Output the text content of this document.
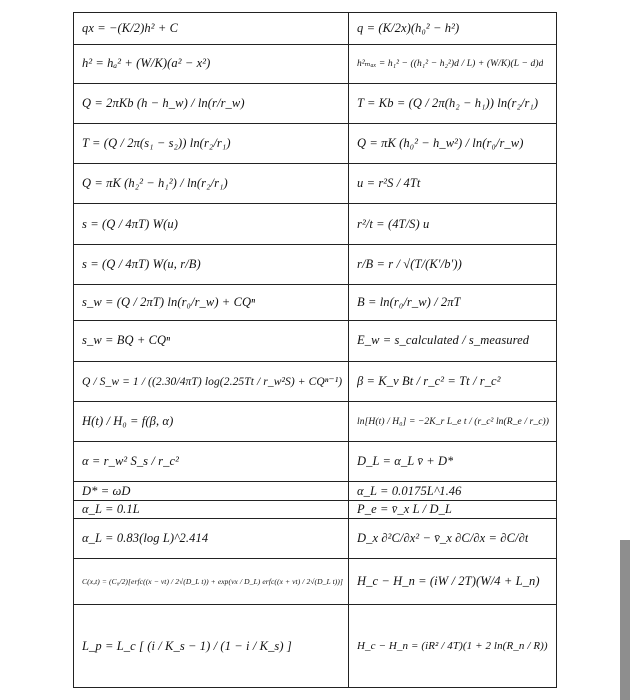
qx = −(K/2)h² + C	q = (K/2x)(h₀² − h²)

h² = hₐ² + (W/K)(a² − x²)	h²ₘₐₓ = h₁² − ((h₁² − h₂²)d / L) + (W/K)(L − d)d

Q = 2πKb (h − h_w) / ln(r/r_w)	T = Kb = (Q / 2π(h₂ − h₁)) ln(r₂/r₁)

T = (Q / 2π(s₁ − s₂)) ln(r₂/r₁)	Q = πK (h₀² − h_w²) / ln(r₀/r_w)

Q = πK (h₂² − h₁²) / ln(r₂/r₁)	u = r²S / 4Tt

s = (Q / 4πT) W(u)	r²/t = (4T/S) u

s = (Q / 4πT) W(u, r/B)	r/B = r / √(T/(K′/b′))

s_w = (Q / 2πT) ln(r₀/r_w) + CQⁿ	B = ln(r₀/r_w) / 2πT

s_w = BQ + CQⁿ	E_w = s_calculated / s_measured

Q / S_w = 1 / ((2.30/4πT) log(2.25Tt / r_w²S) + CQⁿ⁻¹)	β = K_v Bt / r_c² = Tt / r_c²

H(t) / H₀ = f(β, α)	ln[H(t) / H₀] = −2K_r L_e t / (r_c² ln(R_e / r_c))

α = r_w² S_s / r_c²	D_L = α_L v̄ + D*

D* = ωD	α_L = 0.0175L^1.46

α_L = 0.1L	P_e = v̄_x L / D_L

α_L = 0.83(log L)^2.414	D_x ∂²C/∂x² − v̄_x ∂C/∂x = ∂C/∂t

C(x,t) = (C₀/2)[erfc((x − vt) / 2√(D_L t)) + exp(vx / D_L) erfc((x + vt) / 2√(D_L t))]	H_c − H_n = (iW / 2T)(W/4 + L_n)

L_p = L_c [ (i / K_s − 1) / (1 − i / K_s) ]	H_c − H_n = (iR² / 4T)(1 + 2 ln(R_n / R))
